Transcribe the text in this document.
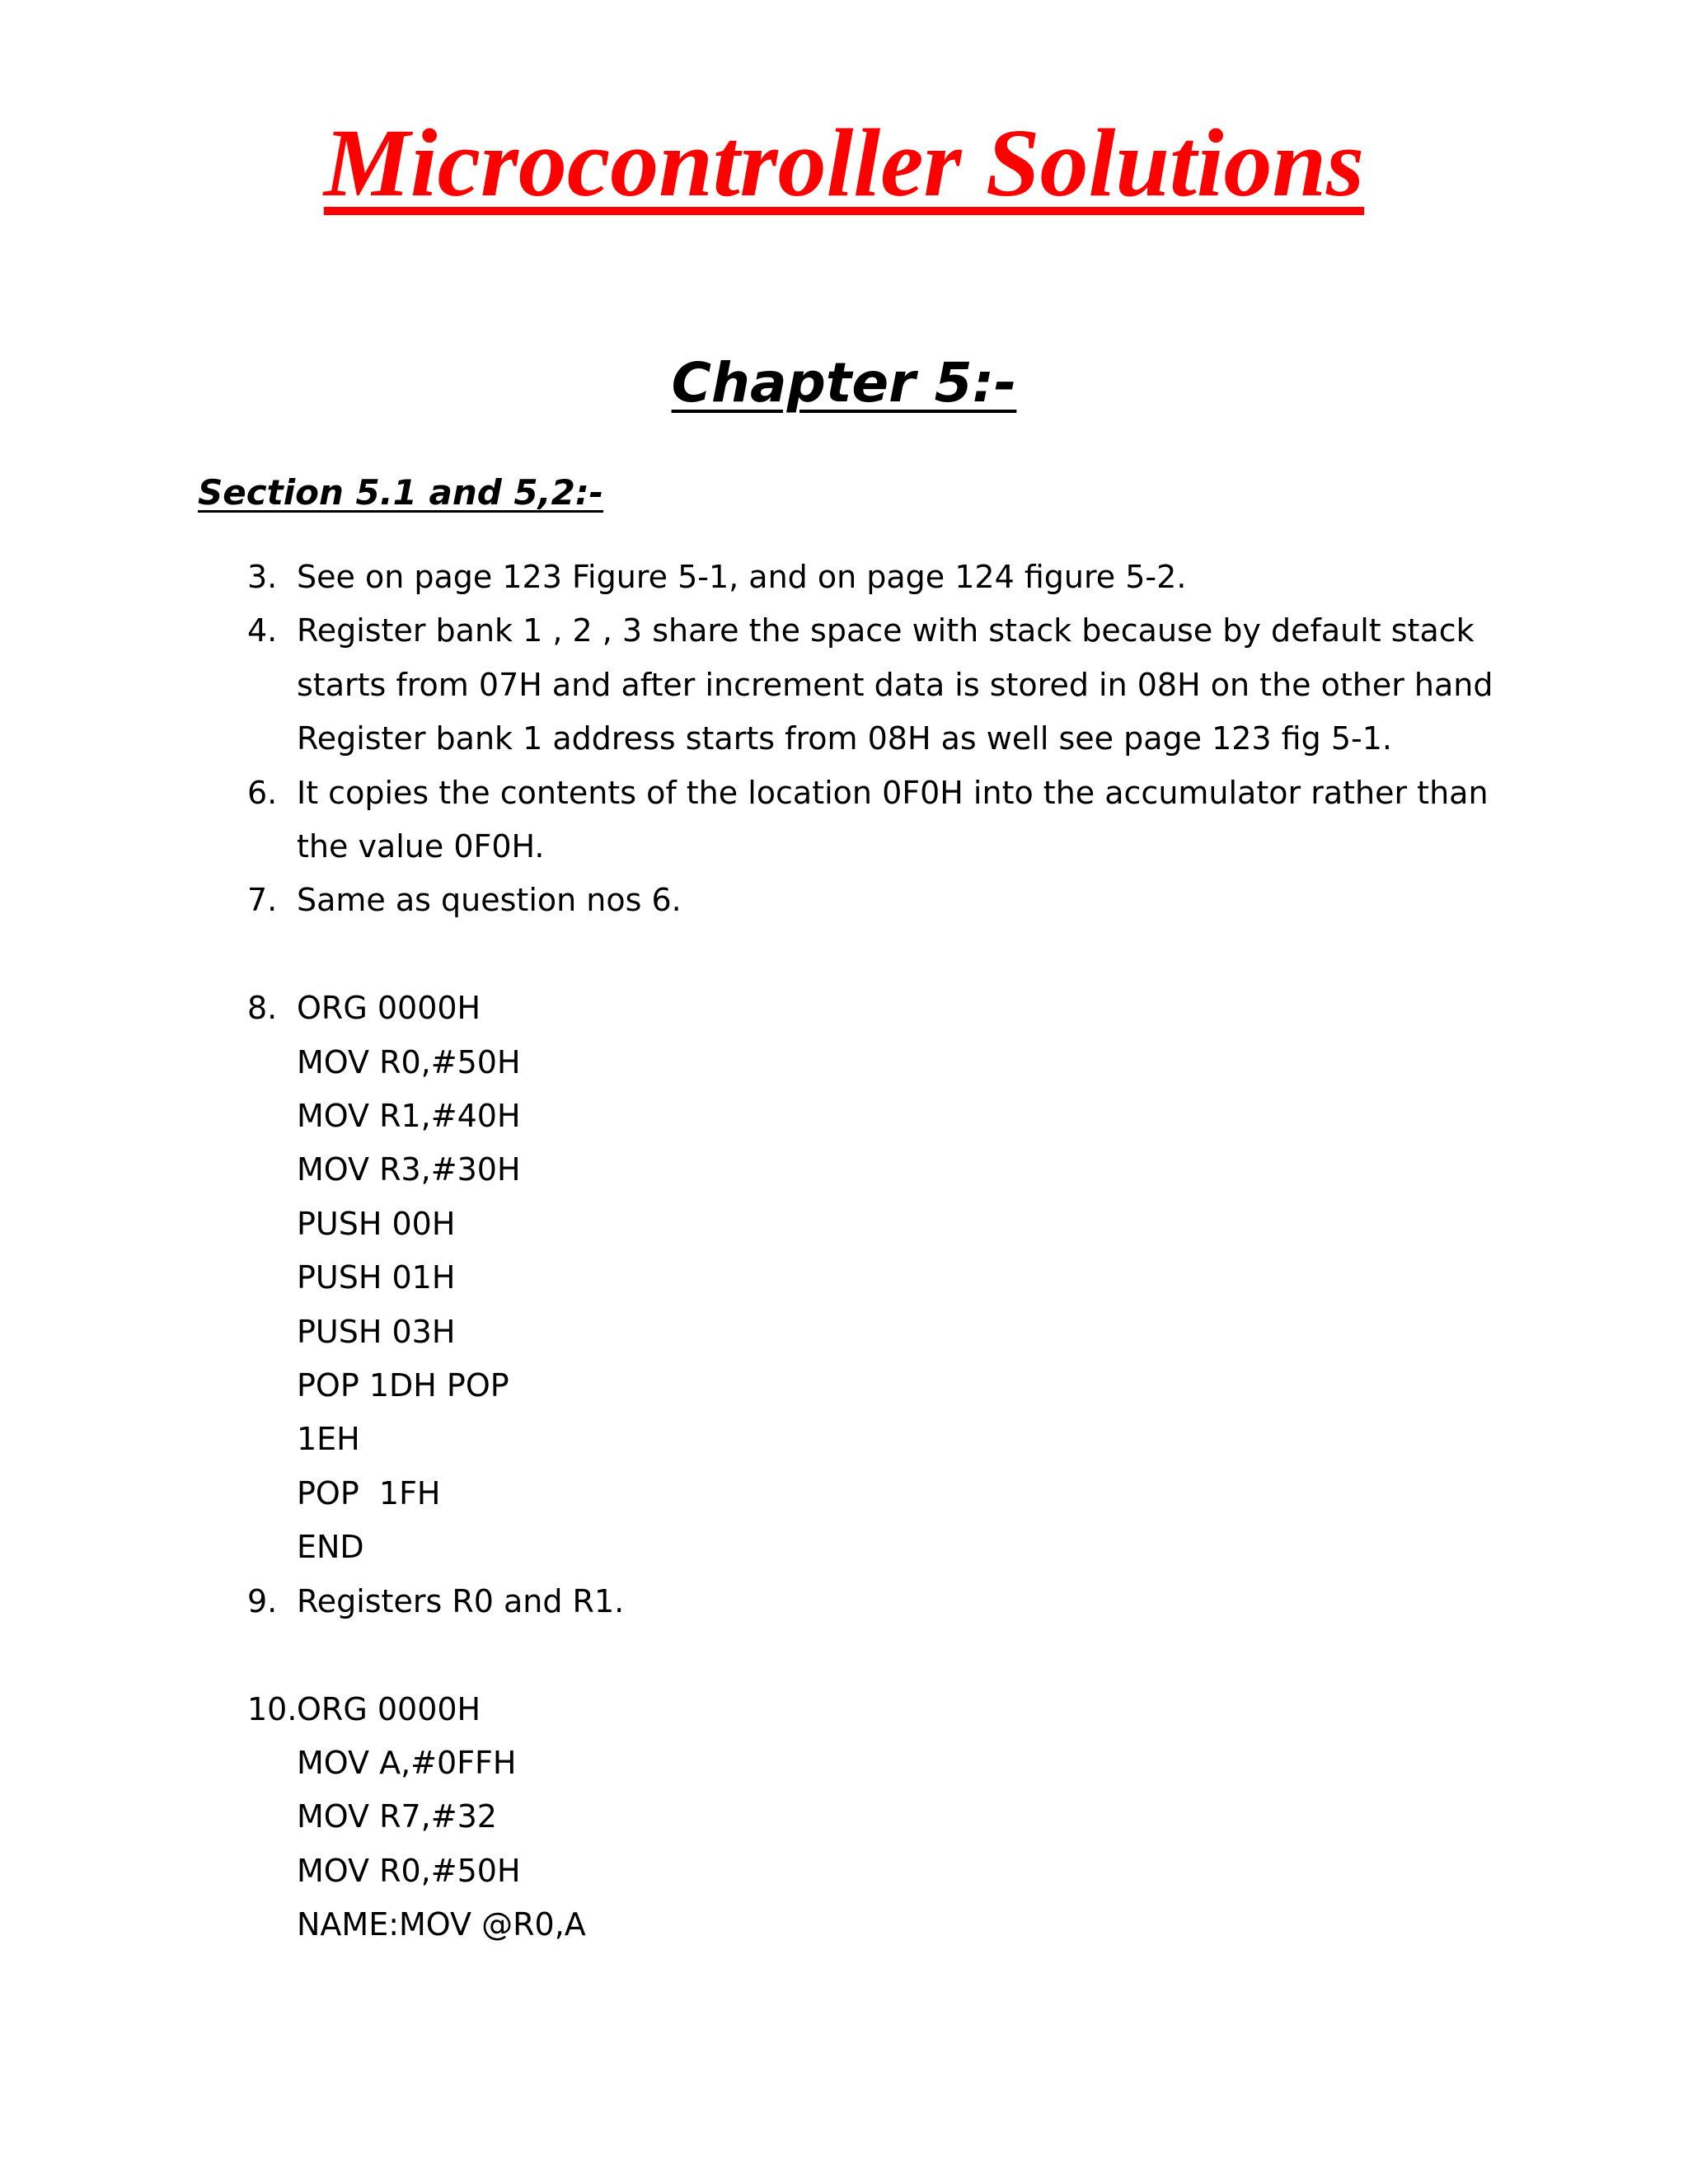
Microcontroller Solutions
Chapter 5:-
Section 5.1 and 5,2:-
3. See on page 123 Figure 5-1, and on page 124 figure 5-2.
4. Register bank 1 , 2 , 3 share the space with stack because by default stack
starts from 07H and after increment data is stored in 08H on the other hand
Register bank 1 address starts from 08H as well see page 123 fig 5-1.
6. It copies the contents of the location 0F0H into the accumulator rather than
the value 0F0H.
7. Same as question nos 6.
8. ORG 0000H
MOV R0,#50H
MOV R1,#40H
MOV R3,#30H
PUSH 00H
PUSH 01H
PUSH 03H
POP 1DH POP
1EH
POP  1FH
END
9. Registers R0 and R1.
10. ORG 0000H
MOV A,#0FFH
MOV R7,#32
MOV R0,#50H
NAME:MOV @R0,A
